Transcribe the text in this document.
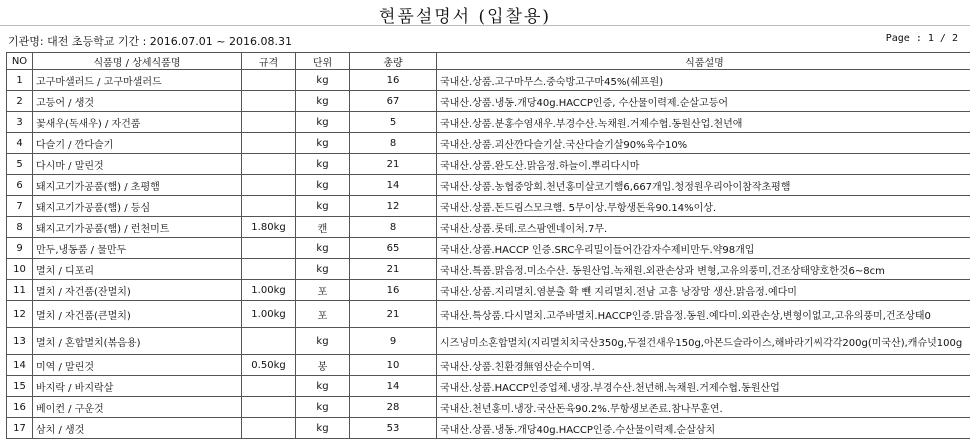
현품설명서 (입찰용)
기관명: 대전 초등학교 기간 : 2016.07.01 ~ 2016.08.31	Page : 1 / 2
NO	식품명 / 상세식품명	규격	단위	총량	식품설명
1	고구마샐러드 / 고구마샐러드		kg	16	국내산.상품.고구마무스.중숙방고구마45%(쉐프원)
2	고등어 / 생것		kg	67	국내산.상품.냉동.개당40g.HACCP인증, 수산물이력제.순살고등어
3	꽃새우(독새우) / 자건품		kg	5	국내산.상품.분홍수염새우.부경수산.녹채원.거제수협.동원산업.천년애
4	다슬기 / 깐다슬기		kg	8	국내산.상품.괴산깐다슬기살.국산다슬기살90%육수10%
5	다시마 / 말린것		kg	21	국내산.상품.완도산.맑음정.하늘이.뿌리다시마
6	돼지고기가공품(햄) / 초평햄		kg	14	국내산.상품.농협중앙회.천년홍미살코기햄6,667개입.청정원우리아이참작초평햄
7	돼지고기가공품(햄) / 등심		kg	12	국내산.상품.돈드림스모크햄. 5무이상.무항생돈육90.14%이상.
8	돼지고기가공품(햄) / 런천미트	1.80kg	캔	8	국내산.상품.롯데.로스팜엔네이처.7무.
9	만두,냉동품 / 물만두		kg	65	국내산.상품.HACCP 인증.SRC우리밀이들어간감자수제비만두.약98개입
10	멸치 / 디포리		kg	21	국내산.특품.맑음정.미소수산. 동원산업.녹채원.외관손상과 변형,고유의풍미,건조상태양호한것6~8cm
11	멸치 / 자건품(잔멸치)	1.00kg	포	16	국내산.상품.지리멸치.염분출 확 뺀 지리멸치.전남 고흥 낭장망 생산.맑음정.예다미
12	멸치 / 자건품(큰멸치)	1.00kg	포	21	국내산.특상품.다시멸치.고주바멸치.HACCP인증.맑음정.동원.예다미.외관손상,변형이없고,고유의풍미,건조상태0
13	멸치 / 혼합멸치(볶음용)		kg	9	시즈닝미소혼합멸치(지리멸치치국산350g,두절건새우150g,아몬드슬라이스,해바라기씨각각200g(미국산),캐슈넛100g
14	미역 / 말린것	0.50kg	봉	10	국내산.상품.친환경無염산순수미역.
15	바지락 / 바지락살		kg	14	국내산.상품.HACCP인증업체.냉장.부경수산.천년해.녹채원.거제수협.동원산업
16	베이컨 / 구운것		kg	28	국내산.천년홍미.냉장.국산돈육90.2%.무항생보존료.참나무훈연.
17	삼치 / 생것		kg	53	국내산.상품.냉동.개당40g.HACCP인증.수산물이력제.순살삼치
